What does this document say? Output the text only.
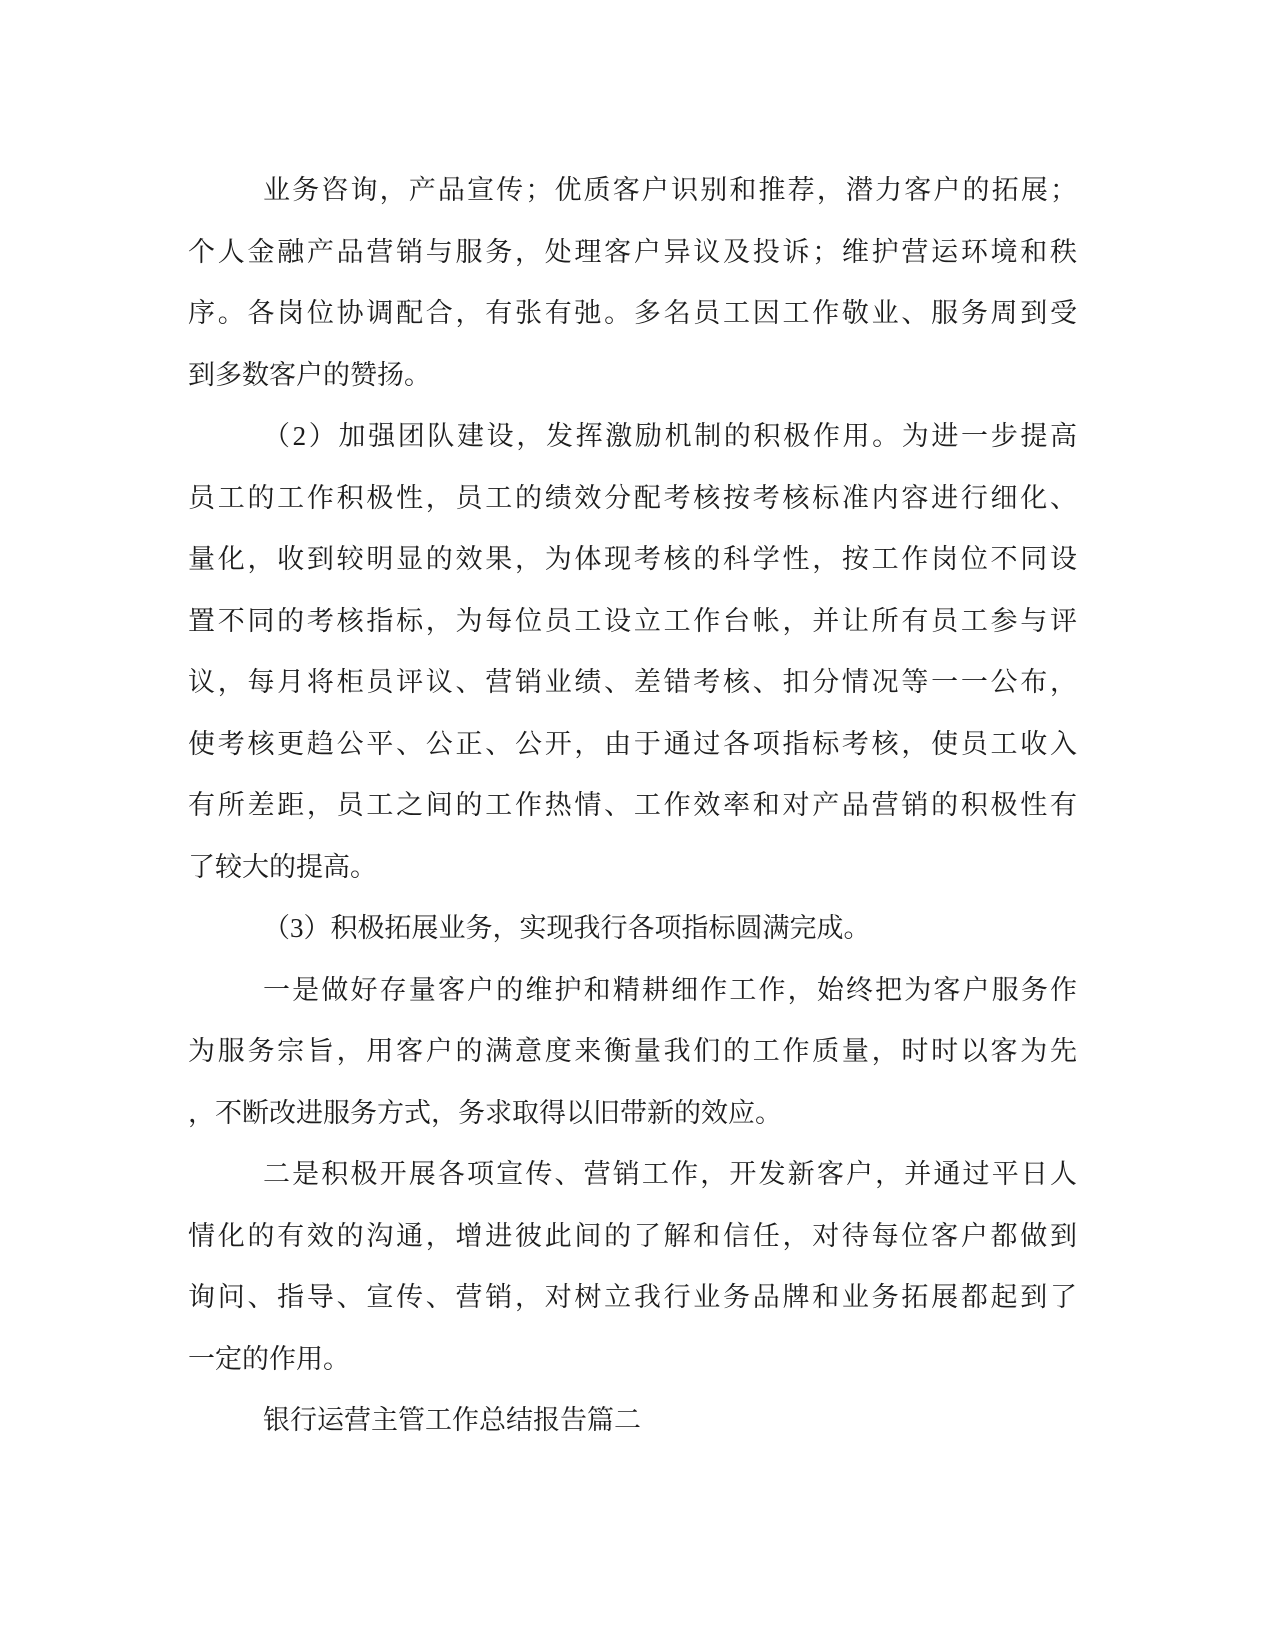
业务咨询，产品宣传；优质客户识别和推荐，潜力客户的拓展；
个人金融产品营销与服务，处理客户异议及投诉；维护营运环境和秩
序。各岗位协调配合，有张有弛。多名员工因工作敬业、服务周到受
到多数客户的赞扬。
（2）加强团队建设，发挥激励机制的积极作用。为进一步提高
员工的工作积极性，员工的绩效分配考核按考核标准内容进行细化、
量化，收到较明显的效果，为体现考核的科学性，按工作岗位不同设
置不同的考核指标，为每位员工设立工作台帐，并让所有员工参与评
议，每月将柜员评议、营销业绩、差错考核、扣分情况等一一公布，
使考核更趋公平、公正、公开，由于通过各项指标考核，使员工收入
有所差距，员工之间的工作热情、工作效率和对产品营销的积极性有
了较大的提高。
（3）积极拓展业务，实现我行各项指标圆满完成。
一是做好存量客户的维护和精耕细作工作，始终把为客户服务作
为服务宗旨，用客户的满意度来衡量我们的工作质量，时时以客为先
，不断改进服务方式，务求取得以旧带新的效应。
二是积极开展各项宣传、营销工作，开发新客户，并通过平日人
情化的有效的沟通，增进彼此间的了解和信任，对待每位客户都做到
询问、指导、宣传、营销，对树立我行业务品牌和业务拓展都起到了
一定的作用。
银行运营主管工作总结报告篇二
